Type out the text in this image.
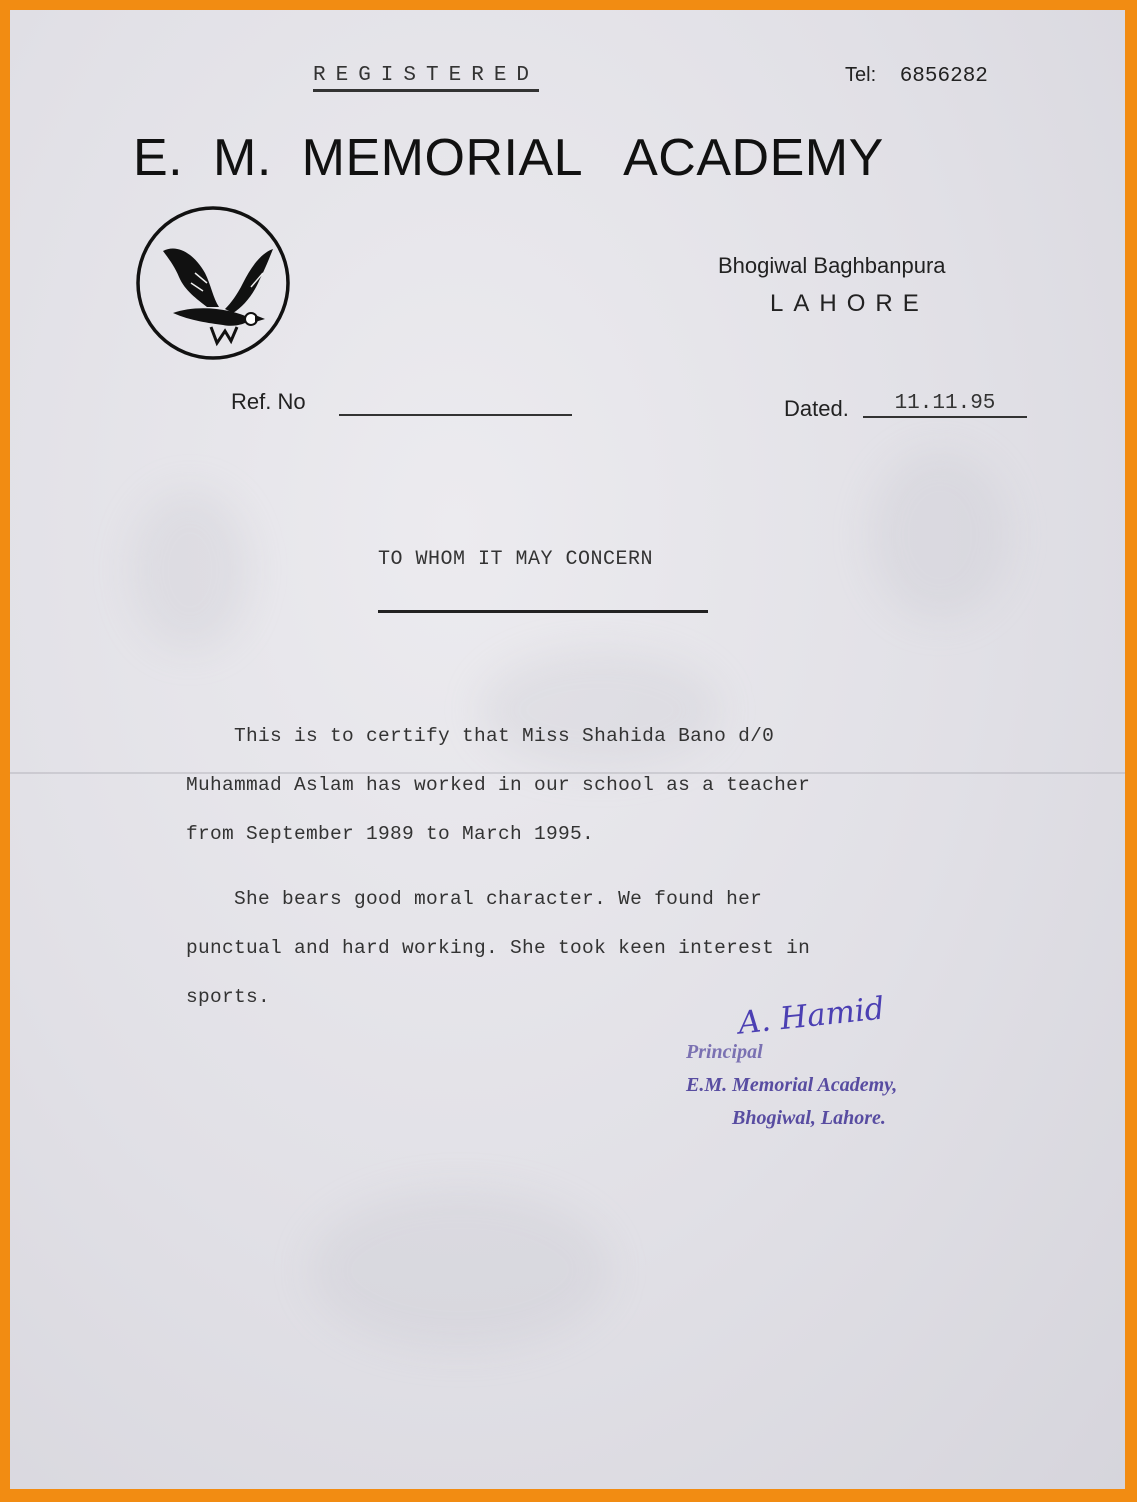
REGISTERED	Tel: 6856282
E.  M.  MEMORIAL   ACADEMY
Bhogiwal Baghbanpura
LAHORE
Ref. No	Dated.	11.11.95
TO WHOM IT MAY CONCERN
This is to certify that Miss Shahida Bano d/0
Muhammad Aslam has worked in our school as a teacher
from September 1989 to March 1995.
She bears good moral character. We found her
punctual and hard working. She took keen interest in
sports.	A. Hamid
Principal
E.M. Memorial Academy,
Bhogiwal, Lahore.
